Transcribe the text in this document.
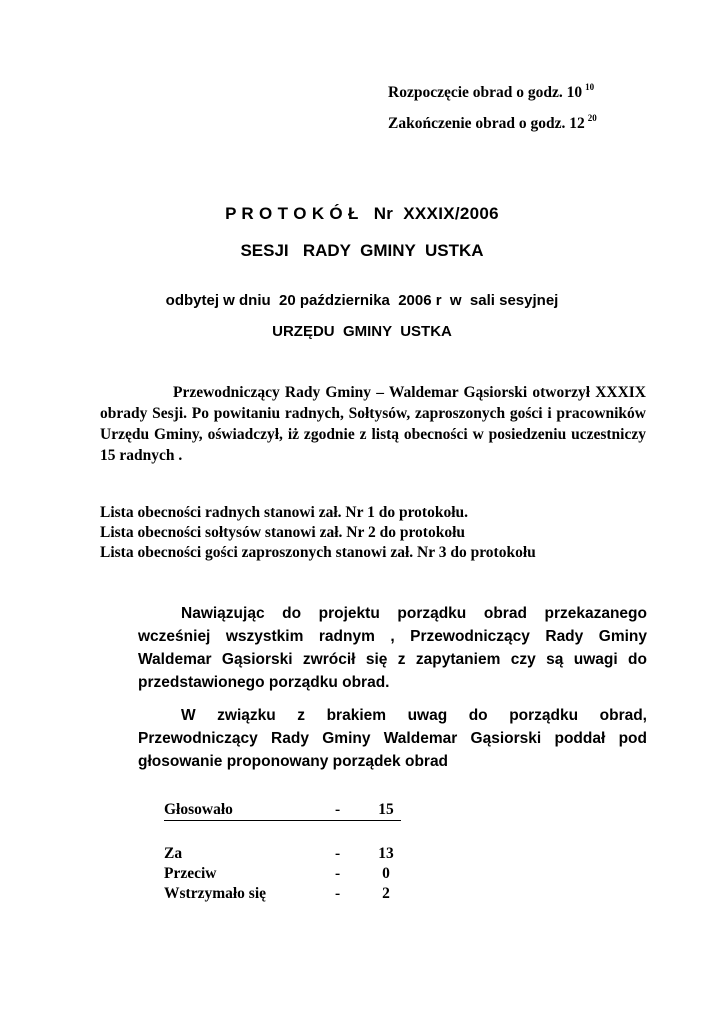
Rozpoczęcie obrad o godz. 10 $^{10}$
Zakończenie obrad o godz. 12 $^{20}$
P R O T O K Ó Ł   Nr  XXXIX/2006
SESJI   RADY  GMINY  USTKA
odbytej w dniu  20 października  2006 r  w  sali sesyjnej
URZĘDU  GMINY  USTKA
Przewodniczący Rady Gminy – Waldemar Gąsiorski otworzył XXXIX obrady Sesji. Po powitaniu radnych, Sołtysów, zaproszonych gości i pracowników Urzędu Gminy, oświadczył, iż zgodnie z listą obecności w posiedzeniu uczestniczy 15 radnych .
Lista obecności radnych stanowi zał. Nr 1 do protokołu.
Lista obecności sołtysów stanowi zał. Nr 2 do protokołu
Lista obecności gości zaproszonych stanowi zał. Nr 3 do protokołu
Nawiązując do projektu porządku obrad przekazanego wcześniej wszystkim radnym , Przewodniczący Rady Gminy Waldemar Gąsiorski zwrócił się z zapytaniem czy są uwagi do przedstawionego porządku obrad.
W związku z brakiem uwag do porządku obrad, Przewodniczący Rady Gminy Waldemar Gąsiorski poddał pod głosowanie proponowany porządek obrad
Głosowało	-	15
Za	-	13
Przeciw	-	0
Wstrzymało się	-	2
